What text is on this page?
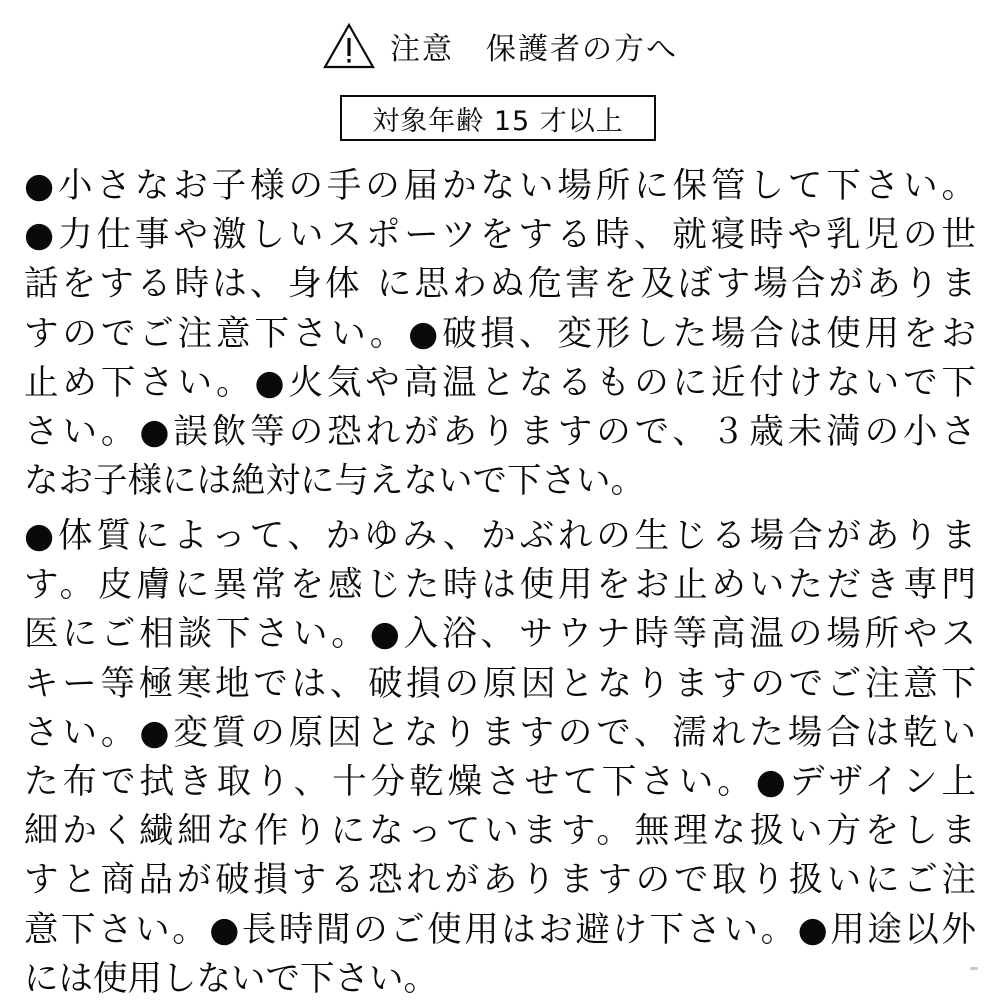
注意　保護者の方へ
対象年齢 15 才以上
●小さなお子様の手の届かない場所に保管して下さい。
●力仕事や激しいスポーツをする時、就寝時や乳児の世
話をする時は、身体 に思わぬ危害を及ぼす場合がありま
すのでご注意下さい。●破損、変形した場合は使用をお
止め下さい。●火気や高温となるものに近付けないで下
さい。●誤飲等の恐れがありますので、３歳未満の小さ
なお子様には絶対に与えないで下さい。
●体質によって、かゆみ、かぶれの生じる場合がありま
す。皮膚に異常を感じた時は使用をお止めいただき専門
医にご相談下さい。●入浴、サウナ時等高温の場所やス
キー等極寒地では、破損の原因となりますのでご注意下
さい。●変質の原因となりますので、濡れた場合は乾い
た布で拭き取り、十分乾燥させて下さい。●デザイン上
細かく繊細な作りになっています。無理な扱い方をしま
すと商品が破損する恐れがありますので取り扱いにご注
意下さい。●長時間のご使用はお避け下さい。●用途以外
には使用しないで下さい。
